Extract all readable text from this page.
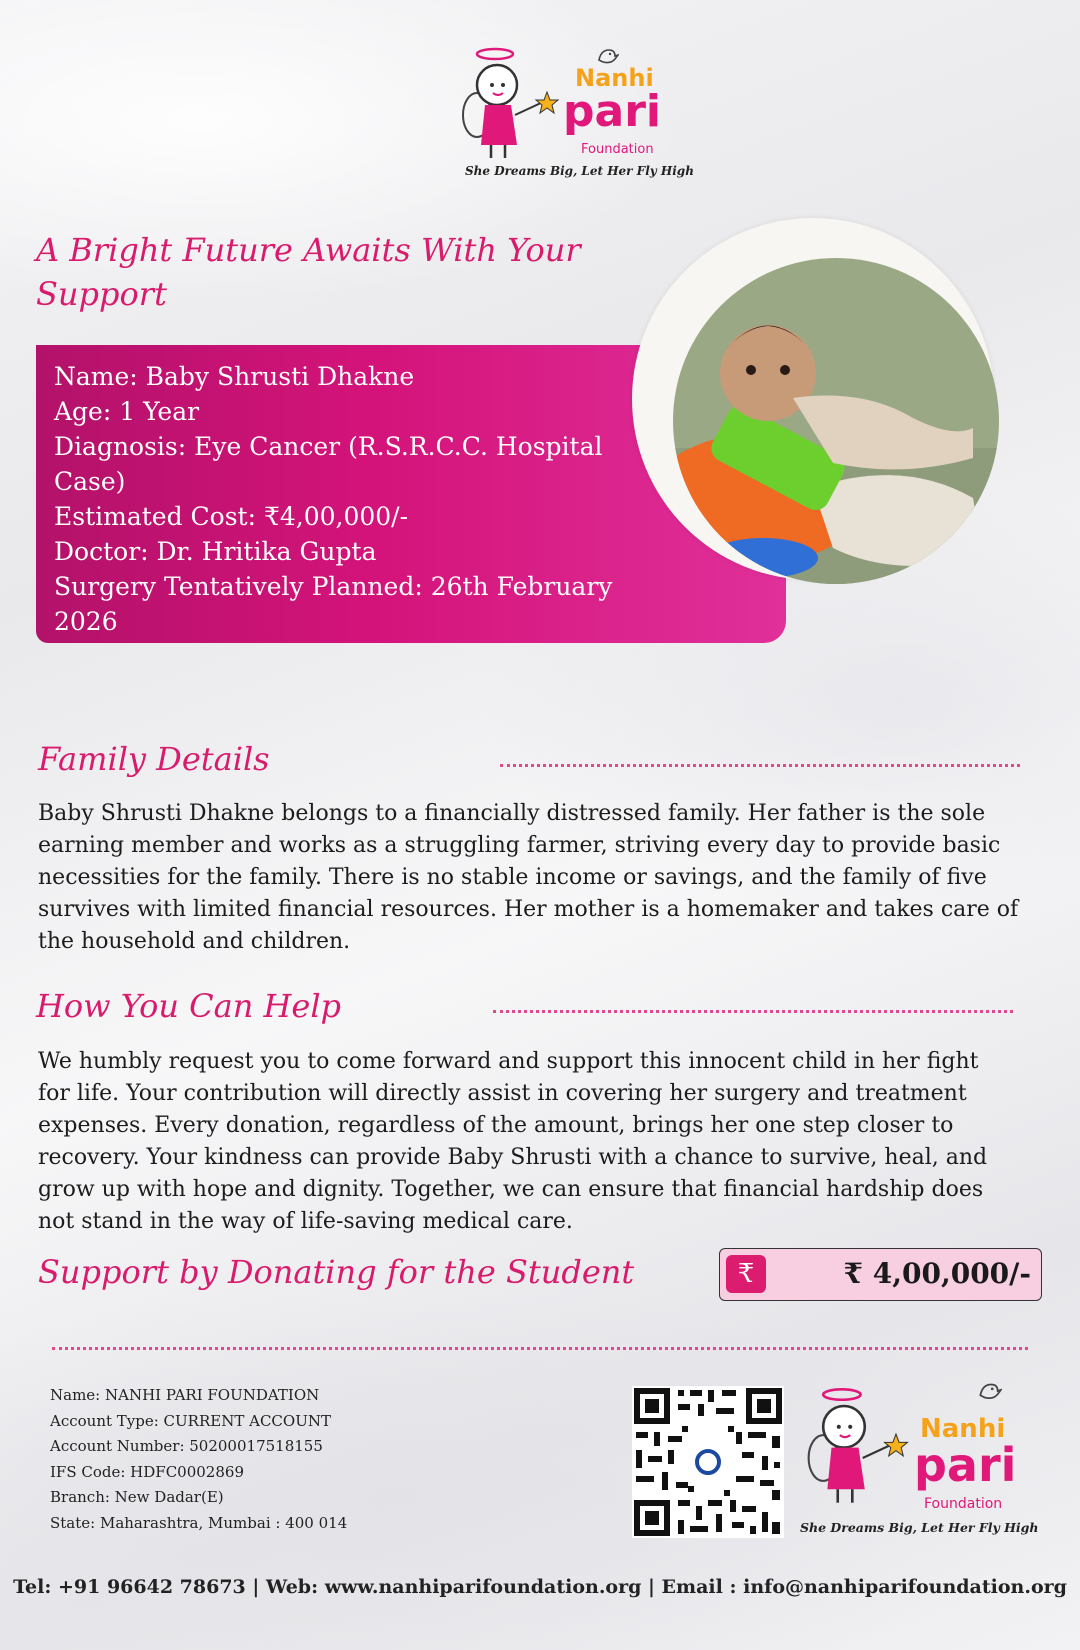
Nanhi
pari
Foundation
She Dreams Big, Let Her Fly High
A Bright Future Awaits With Your
Support

Name: Baby Shrusti Dhakne

Age: 1 Year

Diagnosis: Eye Cancer (R.S.R.C.C. Hospital

Case)

Estimated Cost: ₹4,00,000/-

Doctor: Dr. Hritika Gupta

Surgery Tentatively Planned: 26th February

2026

Family Details

Baby Shrusti Dhakne belongs to a financially distressed family. Her father is the sole

earning member and works as a struggling farmer, striving every day to provide basic

necessities for the family. There is no stable income or savings, and the family of five

survives with limited financial resources. Her mother is a homemaker and takes care of

the household and children.

How You Can Help

We humbly request you to come forward and support this innocent child in her fight

for life. Your contribution will directly assist in covering her surgery and treatment

expenses. Every donation, regardless of the amount, brings her one step closer to

recovery. Your kindness can provide Baby Shrusti with a chance to survive, heal, and

grow up with hope and dignity. Together, we can ensure that financial hardship does

not stand in the way of life-saving medical care.

Support by Donating for the Student	₹	₹ 4,00,000/-

Name: NANHI PARI FOUNDATION

Account Type: CURRENT ACCOUNT

Account Number: 50200017518155

IFS Code: HDFC0002869

Branch: New Dadar(E)

State: Maharashtra, Mumbai : 400 014

Nanhi
pari
Foundation
She Dreams Big, Let Her Fly High
Tel: +91 96642 78673 | Web: www.nanhiparifoundation.org | Email : info@nanhiparifoundation.org
